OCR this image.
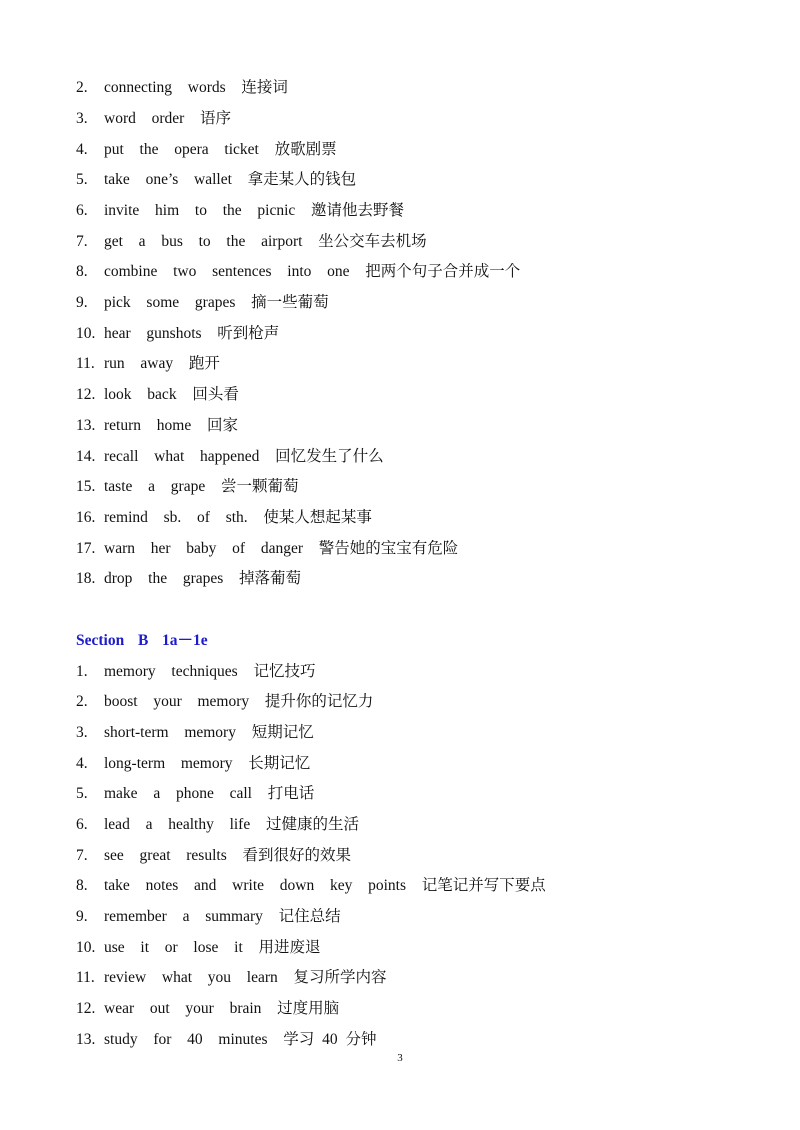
2. connecting  words  连接词
3. word  order  语序
4. put  the  opera  ticket  放歌剧票
5. take  one’s  wallet  拿走某人的钱包
6. invite  him  to  the  picnic  邀请他去野餐
7. get  a  bus  to  the  airport  坐公交车去机场
8. combine  two  sentences  into  one  把两个句子合并成一个
9. pick  some  grapes  摘一些葡萄
10. hear  gunshots  听到枪声
11. run  away  跑开
12. look  back  回头看
13. return  home  回家
14. recall  what  happened  回忆发生了什么
15. taste  a  grape  尝一颗葡萄
16. remind  sb.  of  sth.  使某人想起某事
17. warn  her  baby  of  danger  警告她的宝宝有危险
18. drop  the  grapes  掉落葡萄
Section  B  1a－1e
1. memory  techniques  记忆技巧
2. boost  your  memory  提升你的记忆力
3. short-term  memory  短期记忆
4. long-term  memory  长期记忆
5. make  a  phone  call  打电话
6. lead  a  healthy  life  过健康的生活
7. see  great  results  看到很好的效果
8. take  notes  and  write  down  key  points  记笔记并写下要点
9. remember  a  summary  记住总结
10. use  it  or  lose  it  用进废退
11. review  what  you  learn  复习所学内容
12. wear  out  your  brain  过度用脑
13. study  for  40  minutes  学习 40 分钟
3
